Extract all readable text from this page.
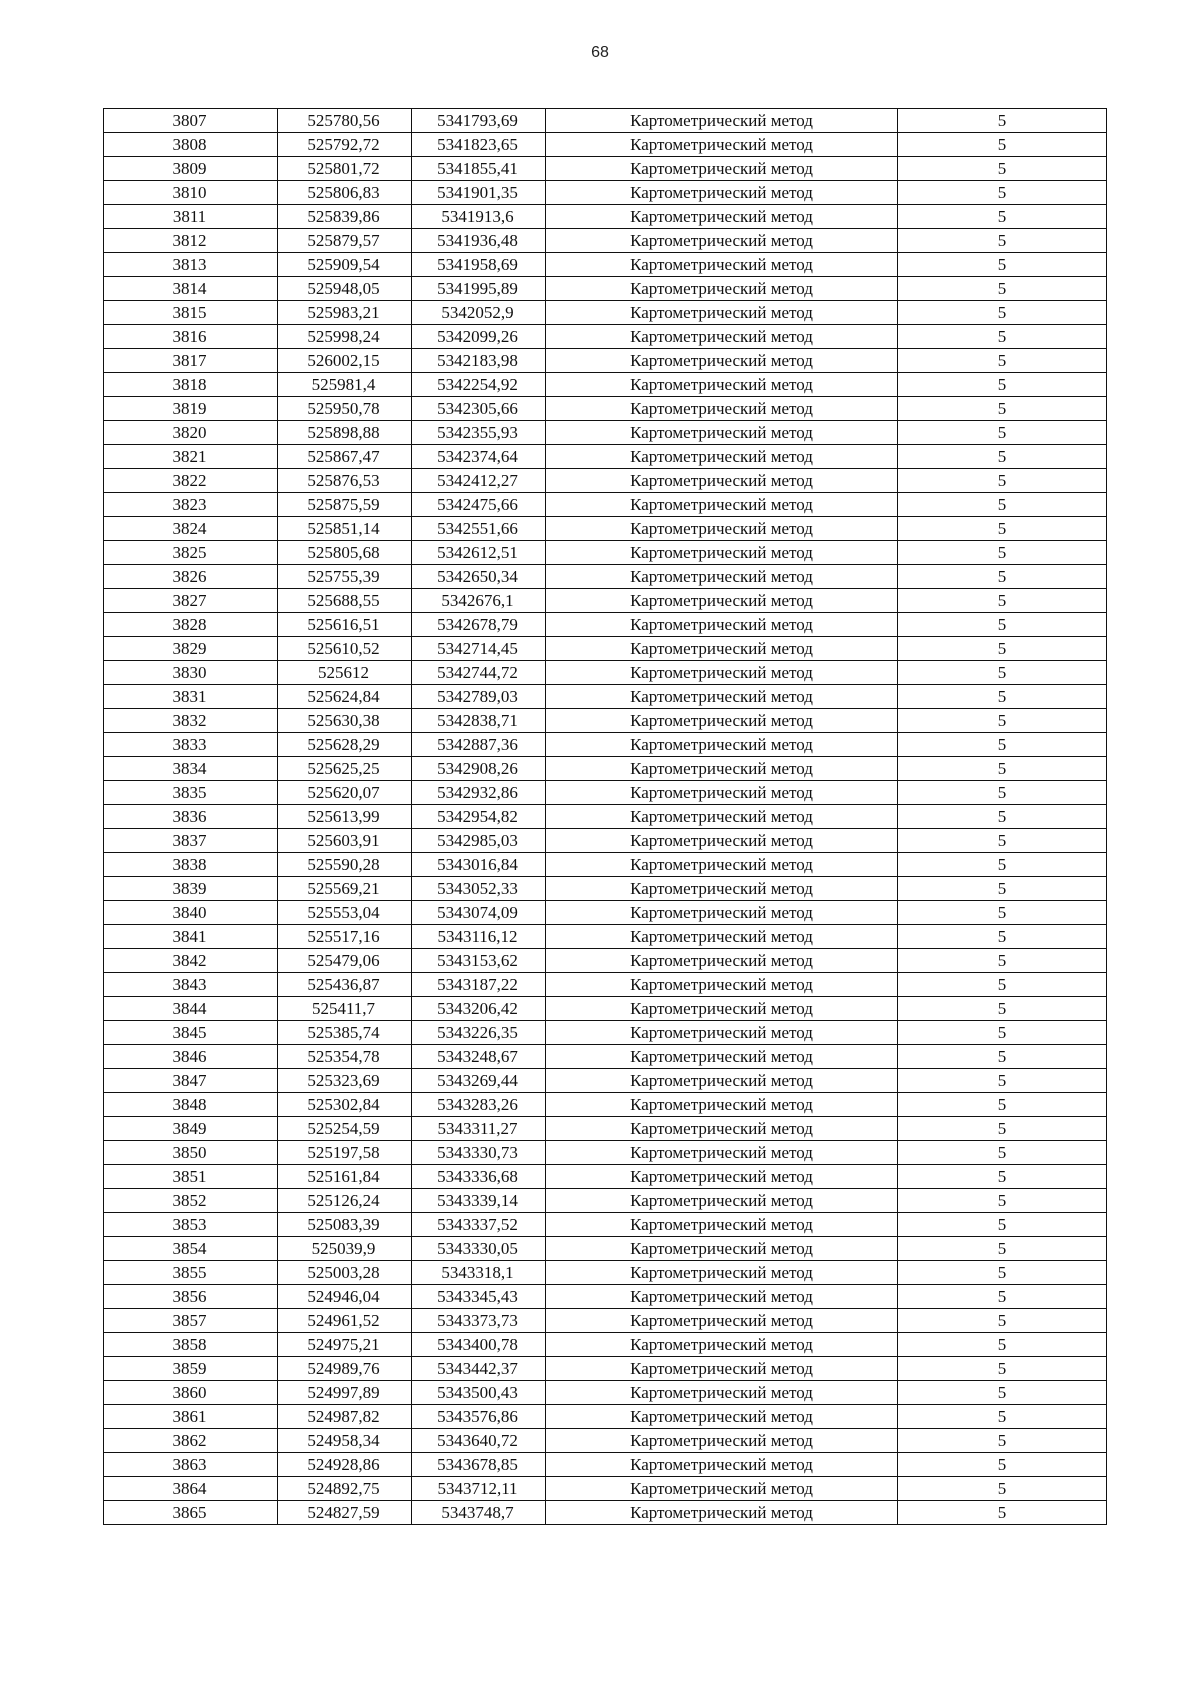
68
3807	525780,56	5341793,69	Картометрический метод	5
3808	525792,72	5341823,65	Картометрический метод	5
3809	525801,72	5341855,41	Картометрический метод	5
3810	525806,83	5341901,35	Картометрический метод	5
3811	525839,86	5341913,6	Картометрический метод	5
3812	525879,57	5341936,48	Картометрический метод	5
3813	525909,54	5341958,69	Картометрический метод	5
3814	525948,05	5341995,89	Картометрический метод	5
3815	525983,21	5342052,9	Картометрический метод	5
3816	525998,24	5342099,26	Картометрический метод	5
3817	526002,15	5342183,98	Картометрический метод	5
3818	525981,4	5342254,92	Картометрический метод	5
3819	525950,78	5342305,66	Картометрический метод	5
3820	525898,88	5342355,93	Картометрический метод	5
3821	525867,47	5342374,64	Картометрический метод	5
3822	525876,53	5342412,27	Картометрический метод	5
3823	525875,59	5342475,66	Картометрический метод	5
3824	525851,14	5342551,66	Картометрический метод	5
3825	525805,68	5342612,51	Картометрический метод	5
3826	525755,39	5342650,34	Картометрический метод	5
3827	525688,55	5342676,1	Картометрический метод	5
3828	525616,51	5342678,79	Картометрический метод	5
3829	525610,52	5342714,45	Картометрический метод	5
3830	525612	5342744,72	Картометрический метод	5
3831	525624,84	5342789,03	Картометрический метод	5
3832	525630,38	5342838,71	Картометрический метод	5
3833	525628,29	5342887,36	Картометрический метод	5
3834	525625,25	5342908,26	Картометрический метод	5
3835	525620,07	5342932,86	Картометрический метод	5
3836	525613,99	5342954,82	Картометрический метод	5
3837	525603,91	5342985,03	Картометрический метод	5
3838	525590,28	5343016,84	Картометрический метод	5
3839	525569,21	5343052,33	Картометрический метод	5
3840	525553,04	5343074,09	Картометрический метод	5
3841	525517,16	5343116,12	Картометрический метод	5
3842	525479,06	5343153,62	Картометрический метод	5
3843	525436,87	5343187,22	Картометрический метод	5
3844	525411,7	5343206,42	Картометрический метод	5
3845	525385,74	5343226,35	Картометрический метод	5
3846	525354,78	5343248,67	Картометрический метод	5
3847	525323,69	5343269,44	Картометрический метод	5
3848	525302,84	5343283,26	Картометрический метод	5
3849	525254,59	5343311,27	Картометрический метод	5
3850	525197,58	5343330,73	Картометрический метод	5
3851	525161,84	5343336,68	Картометрический метод	5
3852	525126,24	5343339,14	Картометрический метод	5
3853	525083,39	5343337,52	Картометрический метод	5
3854	525039,9	5343330,05	Картометрический метод	5
3855	525003,28	5343318,1	Картометрический метод	5
3856	524946,04	5343345,43	Картометрический метод	5
3857	524961,52	5343373,73	Картометрический метод	5
3858	524975,21	5343400,78	Картометрический метод	5
3859	524989,76	5343442,37	Картометрический метод	5
3860	524997,89	5343500,43	Картометрический метод	5
3861	524987,82	5343576,86	Картометрический метод	5
3862	524958,34	5343640,72	Картометрический метод	5
3863	524928,86	5343678,85	Картометрический метод	5
3864	524892,75	5343712,11	Картометрический метод	5
3865	524827,59	5343748,7	Картометрический метод	5
